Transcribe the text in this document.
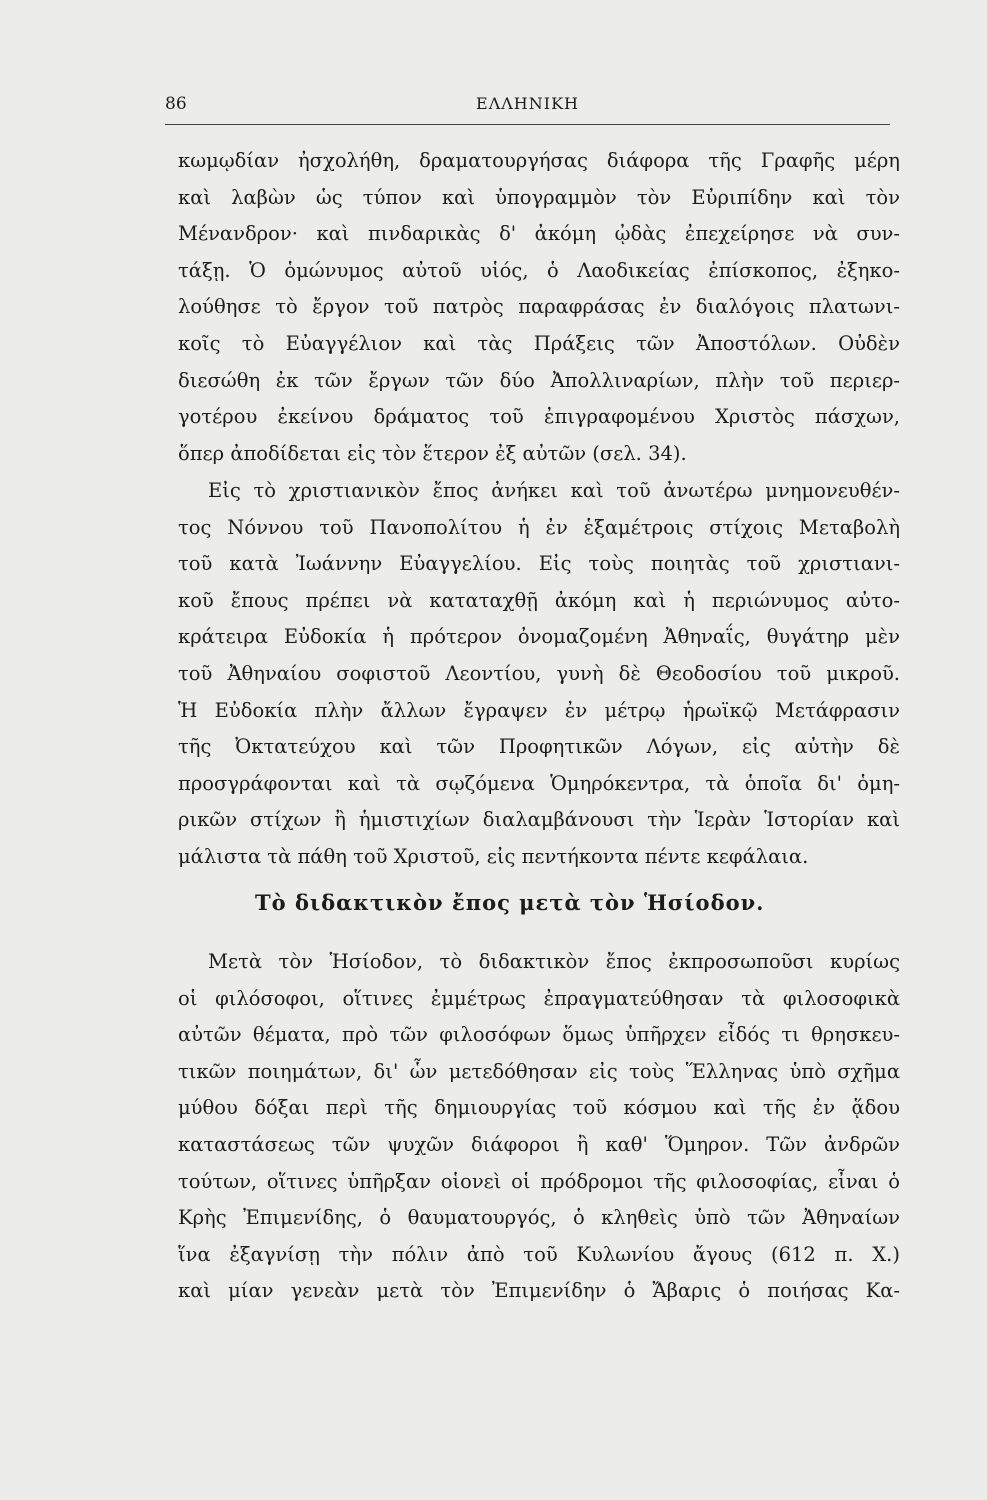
86	ΕΛΛΗΝΙΚΗ
κωμῳδίαν ἠσχολήθη, δραματουργήσας διάφορα τῆς Γραφῆς μέρη
καὶ λαβὼν ὡς τύπον καὶ ὑπογραμμὸν τὸν Εὐριπίδην καὶ τὸν
Μένανδρον· καὶ πινδαρικὰς δ' ἀκόμη ᾠδὰς ἐπεχείρησε νὰ συν-
τάξῃ. Ὁ ὁμώνυμος αὐτοῦ υἱός, ὁ Λαοδικείας ἐπίσκοπος, ἐξηκο-
λούθησε τὸ ἔργον τοῦ πατρὸς παραφράσας ἐν διαλόγοις πλατωνι-
κοῖς τὸ Εὐαγγέλιον καὶ τὰς Πράξεις τῶν Ἀποστόλων. Οὐδὲν
διεσώθη ἐκ τῶν ἔργων τῶν δύο Ἀπολλιναρίων, πλὴν τοῦ περιερ-
γοτέρου ἐκείνου δράματος τοῦ ἐπιγραφομένου Χριστὸς πάσχων,
ὅπερ ἀποδίδεται εἰς τὸν ἕτερον ἐξ αὐτῶν (σελ. 34).
Εἰς τὸ χριστιανικὸν ἔπος ἀνήκει καὶ τοῦ ἀνωτέρω μνημονευθέν-
τος Νόννου τοῦ Πανοπολίτου ἡ ἐν ἑξαμέτροις στίχοις Μεταβολὴ
τοῦ κατὰ Ἰωάννην Εὐαγγελίου. Εἰς τοὺς ποιητὰς τοῦ χριστιανι-
κοῦ ἔπους πρέπει νὰ καταταχθῇ ἀκόμη καὶ ἡ περιώνυμος αὐτο-
κράτειρα Εὐδοκία ἡ πρότερον ὀνομαζομένη Ἀθηναΐς, θυγάτηρ μὲν
τοῦ Ἀθηναίου σοφιστοῦ Λεοντίου, γυνὴ δὲ Θεοδοσίου τοῦ μικροῦ.
Ἡ Εὐδοκία πλὴν ἄλλων ἔγραψεν ἐν μέτρῳ ἡρωϊκῷ Μετάφρασιν
τῆς Ὀκτατεύχου καὶ τῶν Προφητικῶν Λόγων, εἰς αὐτὴν δὲ
προσγράφονται καὶ τὰ σῳζόμενα Ὁμηρόκεντρα, τὰ ὁποῖα δι' ὁμη-
ρικῶν στίχων ἢ ἡμιστιχίων διαλαμβάνουσι τὴν Ἱερὰν Ἱστορίαν καὶ
μάλιστα τὰ πάθη τοῦ Χριστοῦ, εἰς πεντήκοντα πέντε κεφάλαια.
Τὸ διδακτικὸν ἔπος μετὰ τὸν Ἡσίοδον.
Μετὰ τὸν Ἡσίοδον, τὸ διδακτικὸν ἔπος ἐκπροσωποῦσι κυρίως
οἱ φιλόσοφοι, οἵτινες ἐμμέτρως ἐπραγματεύθησαν τὰ φιλοσοφικὰ
αὐτῶν θέματα, πρὸ τῶν φιλοσόφων ὅμως ὑπῆρχεν εἶδός τι θρησκευ-
τικῶν ποιημάτων, δι' ὧν μετεδόθησαν εἰς τοὺς Ἕλληνας ὑπὸ σχῆμα
μύθου δόξαι περὶ τῆς δημιουργίας τοῦ κόσμου καὶ τῆς ἐν ᾅδου
καταστάσεως τῶν ψυχῶν διάφοροι ἢ καθ' Ὅμηρον. Τῶν ἀνδρῶν
τούτων, οἵτινες ὑπῆρξαν οἱονεὶ οἱ πρόδρομοι τῆς φιλοσοφίας, εἶναι ὁ
Κρὴς Ἐπιμενίδης, ὁ θαυματουργός, ὁ κληθεὶς ὑπὸ τῶν Ἀθηναίων
ἵνα ἐξαγνίσῃ τὴν πόλιν ἀπὸ τοῦ Κυλωνίου ἄγους (612 π. Χ.)
καὶ μίαν γενεὰν μετὰ τὸν Ἐπιμενίδην ὁ Ἄβαρις ὁ ποιήσας Κα-
